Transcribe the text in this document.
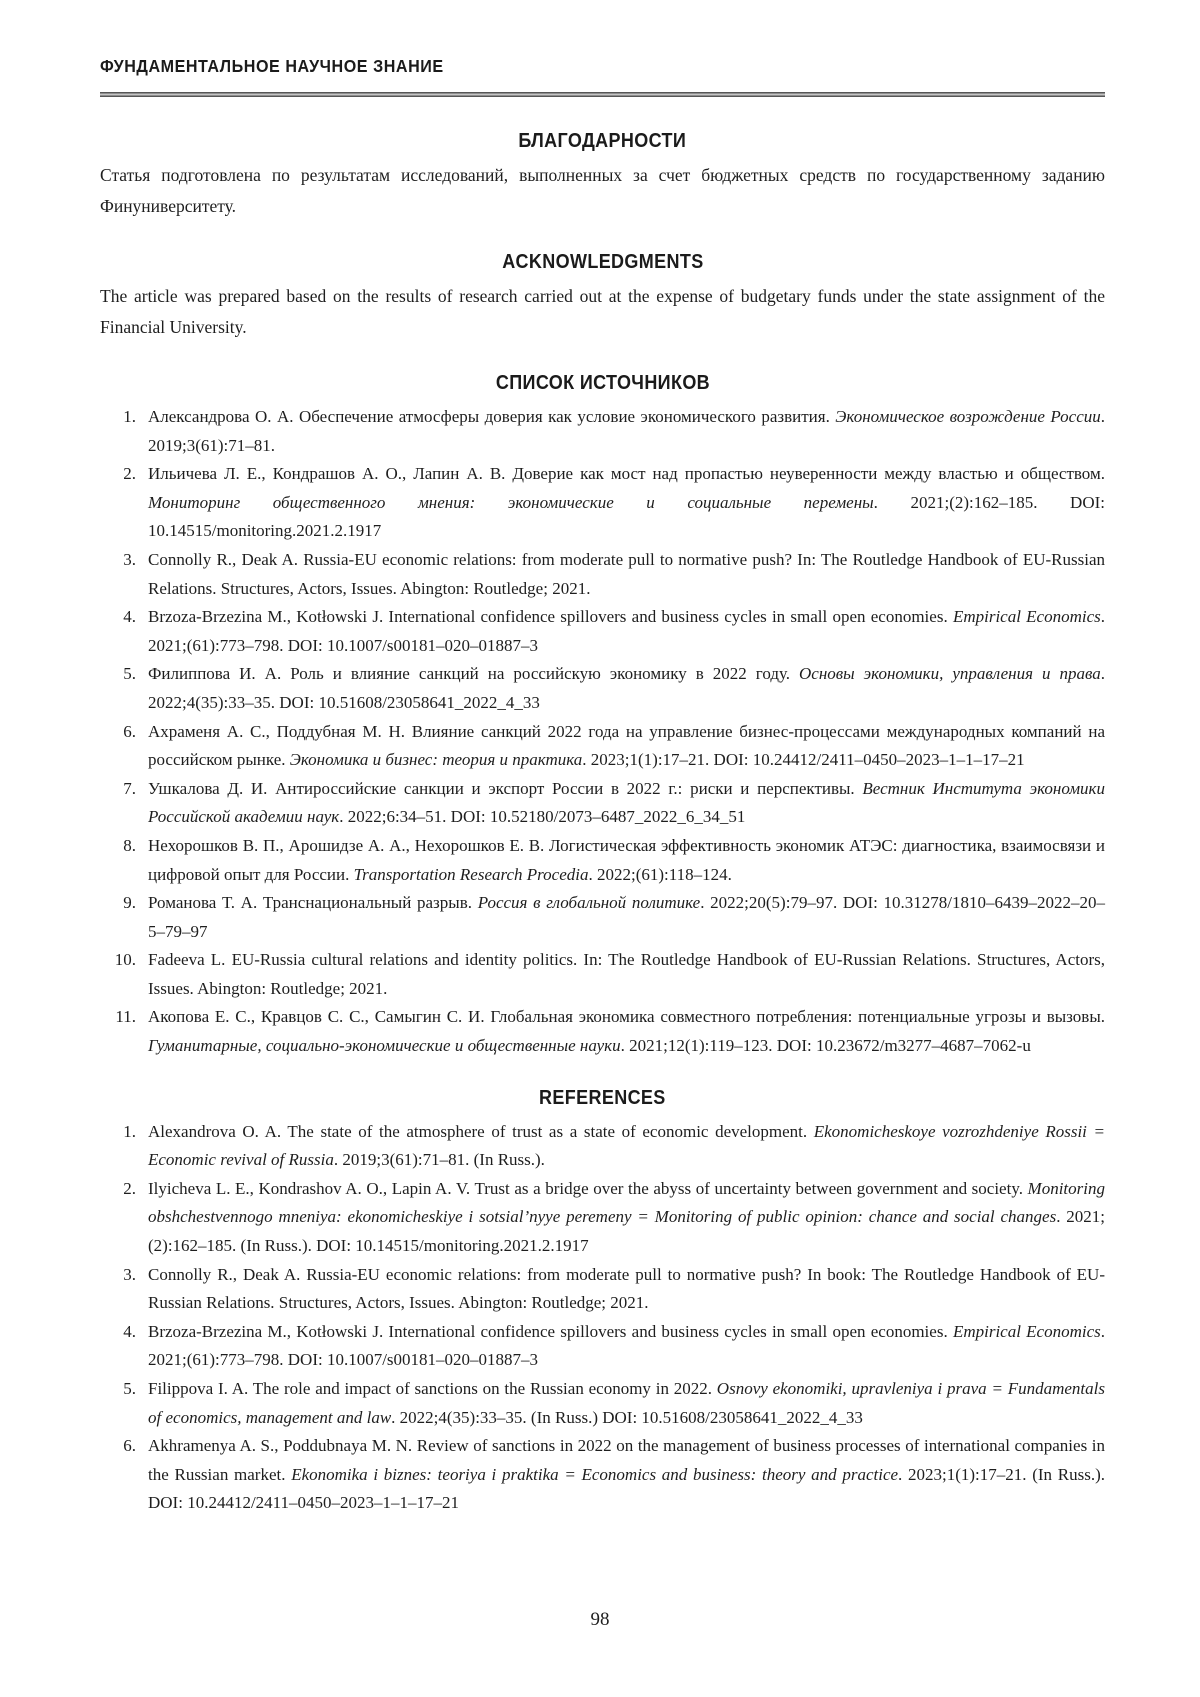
ФУНДАМЕНТАЛЬНОЕ НАУЧНОЕ ЗНАНИЕ
БЛАГОДАРНОСТИ

Статья подготовлена по результатам исследований, выполненных за счет бюджетных средств по государственному заданию Финуниверситету.

ACKNOWLEDGMENTS

The article was prepared based on the results of research carried out at the expense of budgetary funds under the state assignment of the Financial University.

СПИСОК ИСТОЧНИКОВ
1. Александрова О. А. Обеспечение атмосферы доверия как условие экономического развития. Экономическое возрождение России. 2019;3(61):71–81.
2. Ильичева Л. Е., Кондрашов А. О., Лапин А. В. Доверие как мост над пропастью неуверенности между властью и обществом. Мониторинг общественного мнения: экономические и социальные перемены. 2021;(2):162–185. DOI: 10.14515/monitoring.2021.2.1917
3. Connolly R., Deak A. Russia-EU economic relations: from moderate pull to normative push? In: The Routledge Handbook of EU-Russian Relations. Structures, Actors, Issues. Abington: Routledge; 2021.
4. Brzoza-Brzezina M., Kotłowski J. International confidence spillovers and business cycles in small open economies. Empirical Economics. 2021;(61):773–798. DOI: 10.1007/s00181–020–01887–3
5. Филиппова И. А. Роль и влияние санкций на российскую экономику в 2022 году. Основы экономики, управления и права. 2022;4(35):33–35. DOI: 10.51608/23058641_2022_4_33
6. Ахраменя А. С., Поддубная М. Н. Влияние санкций 2022 года на управление бизнес-процессами международных компаний на российском рынке. Экономика и бизнес: теория и практика. 2023;1(1):17–21. DOI: 10.24412/2411–0450–2023–1–1–17–21
7. Ушкалова Д. И. Антироссийские санкции и экспорт России в 2022 г.: риски и перспективы. Вестник Института экономики Российской академии наук. 2022;6:34–51. DOI: 10.52180/2073–6487_2022_6_34_51
8. Нехорошков В. П., Арошидзе А. А., Нехорошков Е. В. Логистическая эффективность экономик АТЭС: диагностика, взаимосвязи и цифровой опыт для России. Transportation Research Procedia. 2022;(61):118–124.
9. Романова Т. А. Транснациональный разрыв. Россия в глобальной политике. 2022;20(5):79–97. DOI: 10.31278/1810–6439–2022–20–5–79–97
10. Fadeeva L. EU-Russia cultural relations and identity politics. In: The Routledge Handbook of EU-Russian Relations. Structures, Actors, Issues. Abington: Routledge; 2021.
11. Акопова Е. С., Кравцов С. С., Самыгин С. И. Глобальная экономика совместного потребления: потенциальные угрозы и вызовы. Гуманитарные, социально-экономические и общественные науки. 2021;12(1):119–123. DOI: 10.23672/m3277–4687–7062-u
REFERENCES
1. Alexandrova O. A. The state of the atmosphere of trust as a state of economic development. Ekonomicheskoye vozrozhdeniye Rossii = Economic revival of Russia. 2019;3(61):71–81. (In Russ.).
2. Ilyicheva L. E., Kondrashov A. O., Lapin A. V. Trust as a bridge over the abyss of uncertainty between government and society. Monitoring obshchestvennogo mneniya: ekonomicheskiye i sotsial’nyye peremeny = Monitoring of public opinion: chance and social changes. 2021;(2):162–185. (In Russ.). DOI: 10.14515/monitoring.2021.2.1917
3. Connolly R., Deak A. Russia-EU economic relations: from moderate pull to normative push? In book: The Routledge Handbook of EU-Russian Relations. Structures, Actors, Issues. Abington: Routledge; 2021.
4. Brzoza-Brzezina M., Kotłowski J. International confidence spillovers and business cycles in small open economies. Empirical Economics. 2021;(61):773–798. DOI: 10.1007/s00181–020–01887–3
5. Filippova I. A. The role and impact of sanctions on the Russian economy in 2022. Osnovy ekonomiki, upravleniya i prava = Fundamentals of economics, management and law. 2022;4(35):33–35. (In Russ.) DOI: 10.51608/23058641_2022_4_33
6. Akhramenya A. S., Poddubnaya M. N. Review of sanctions in 2022 on the management of business processes of international companies in the Russian market. Ekonomika i biznes: teoriya i praktika = Economics and business: theory and practice. 2023;1(1):17–21. (In Russ.). DOI: 10.24412/2411–0450–2023–1–1–17–21
98
